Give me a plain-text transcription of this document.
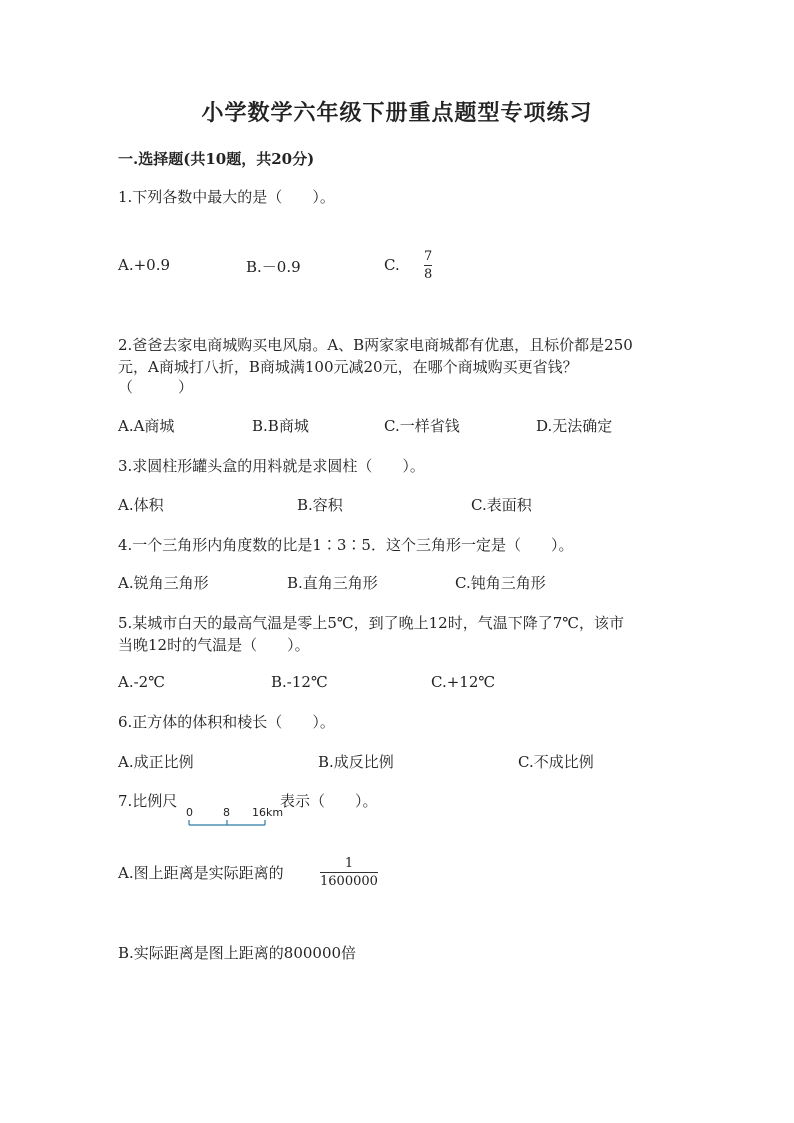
小学数学六年级下册重点题型专项练习
一.选择题(共10题，共20分)
1.下列各数中最大的是（　　）。
A.+0.9	B.－0.9	C. 7
8
2.爸爸去家电商城购买电风扇。A、B两家家电商城都有优惠，且标价都是250
元，A商城打八折，B商城满100元减20元，在哪个商城购买更省钱？
（　　　）
A.A商城	B.B商城	C.一样省钱	D.无法确定
3.求圆柱形罐头盒的用料就是求圆柱（　　）。
A.体积	B.容积	C.表面积
4.一个三角形内角度数的比是1∶3∶5．这个三角形一定是（　　）。
A.锐角三角形	B.直角三角形	C.钝角三角形
5.某城市白天的最高气温是零上5℃，到了晚上12时，气温下降了7℃，该市
当晚12时的气温是（　　）。
A.-2℃	B.-12℃	C.+12℃
6.正方体的体积和棱长（　　）。
A.成正比例	B.成反比例	C.不成比例
7.比例尺
0	8 16km
表示（　　）。
A.图上距离是实际距离的
1
1600000
B.实际距离是图上距离的800000倍
